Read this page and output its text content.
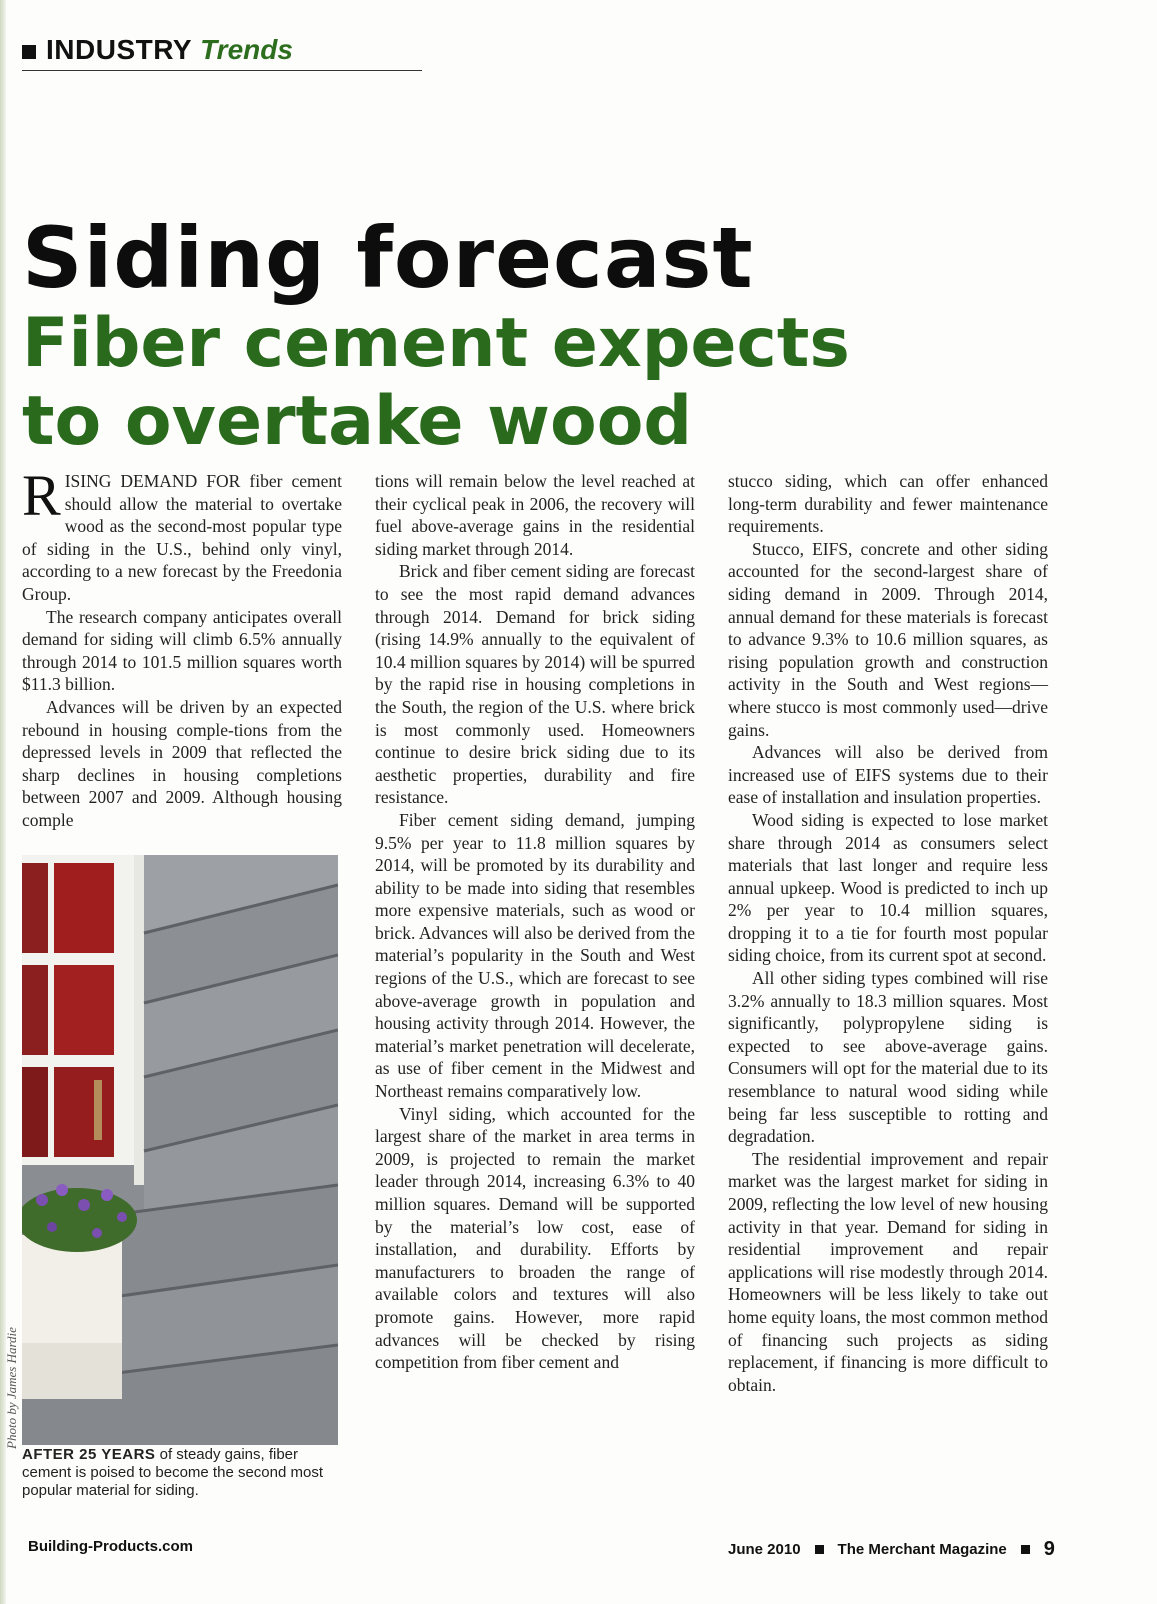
INDUSTRY Trends
Siding forecast
Fiber cement expects
to overtake wood

RISING DEMAND FOR fiber cement should allow the material to overtake wood as the second-most popular type of siding in the U.S., behind only vinyl, according to a new forecast by the Freedonia Group.

The research company anticipates overall demand for siding will climb 6.5% annually through 2014 to 101.5 million squares worth $11.3 billion.

Advances will be driven by an expected rebound in housing comple-tions from the depressed levels in 2009 that reflected the sharp declines in housing completions between 2007 and 2009. Although housing comple

Photo by James Hardie
AFTER 25 YEARS of steady gains, fiber cement is poised to become the second most popular material for siding.

tions will remain below the level reached at their cyclical peak in 2006, the recovery will fuel above-average gains in the residential siding market through 2014.

Brick and fiber cement siding are forecast to see the most rapid demand advances through 2014. Demand for brick siding (rising 14.9% annually to the equivalent of 10.4 million squares by 2014) will be spurred by the rapid rise in housing completions in the South, the region of the U.S. where brick is most commonly used. Homeowners continue to desire brick siding due to its aesthetic properties, durability and fire resistance.

Fiber cement siding demand, jumping 9.5% per year to 11.8 million squares by 2014, will be promoted by its durability and ability to be made into siding that resembles more expensive materials, such as wood or brick. Advances will also be derived from the material’s popularity in the South and West regions of the U.S., which are forecast to see above-average growth in population and housing activity through 2014. However, the material’s market penetration will decelerate, as use of fiber cement in the Midwest and Northeast remains comparatively low.

Vinyl siding, which accounted for the largest share of the market in area terms in 2009, is projected to remain the market leader through 2014, increasing 6.3% to 40 million squares. Demand will be supported by the material’s low cost, ease of installation, and durability. Efforts by manufacturers to broaden the range of available colors and textures will also promote gains. However, more rapid advances will be checked by rising competition from fiber cement and

stucco siding, which can offer enhanced long-term durability and fewer maintenance requirements.

Stucco, EIFS, concrete and other siding accounted for the second-largest share of siding demand in 2009. Through 2014, annual demand for these materials is forecast to advance 9.3% to 10.6 million squares, as rising population growth and construction activity in the South and West regions—where stucco is most commonly used—drive gains.

Advances will also be derived from increased use of EIFS systems due to their ease of installation and insulation properties.

Wood siding is expected to lose market share through 2014 as consumers select materials that last longer and require less annual upkeep. Wood is predicted to inch up 2% per year to 10.4 million squares, dropping it to a tie for fourth most popular siding choice, from its current spot at second.

All other siding types combined will rise 3.2% annually to 18.3 million squares. Most significantly, polypropylene siding is expected to see above-average gains. Consumers will opt for the material due to its resemblance to natural wood siding while being far less susceptible to rotting and degradation.

The residential improvement and repair market was the largest market for siding in 2009, reflecting the low level of new housing activity in that year. Demand for siding in residential improvement and repair applications will rise modestly through 2014. Homeowners will be less likely to take out home equity loans, the most common method of financing such projects as siding replacement, if financing is more difficult to obtain.

Building-Products.com	June 2010 The Merchant Magazine 9
